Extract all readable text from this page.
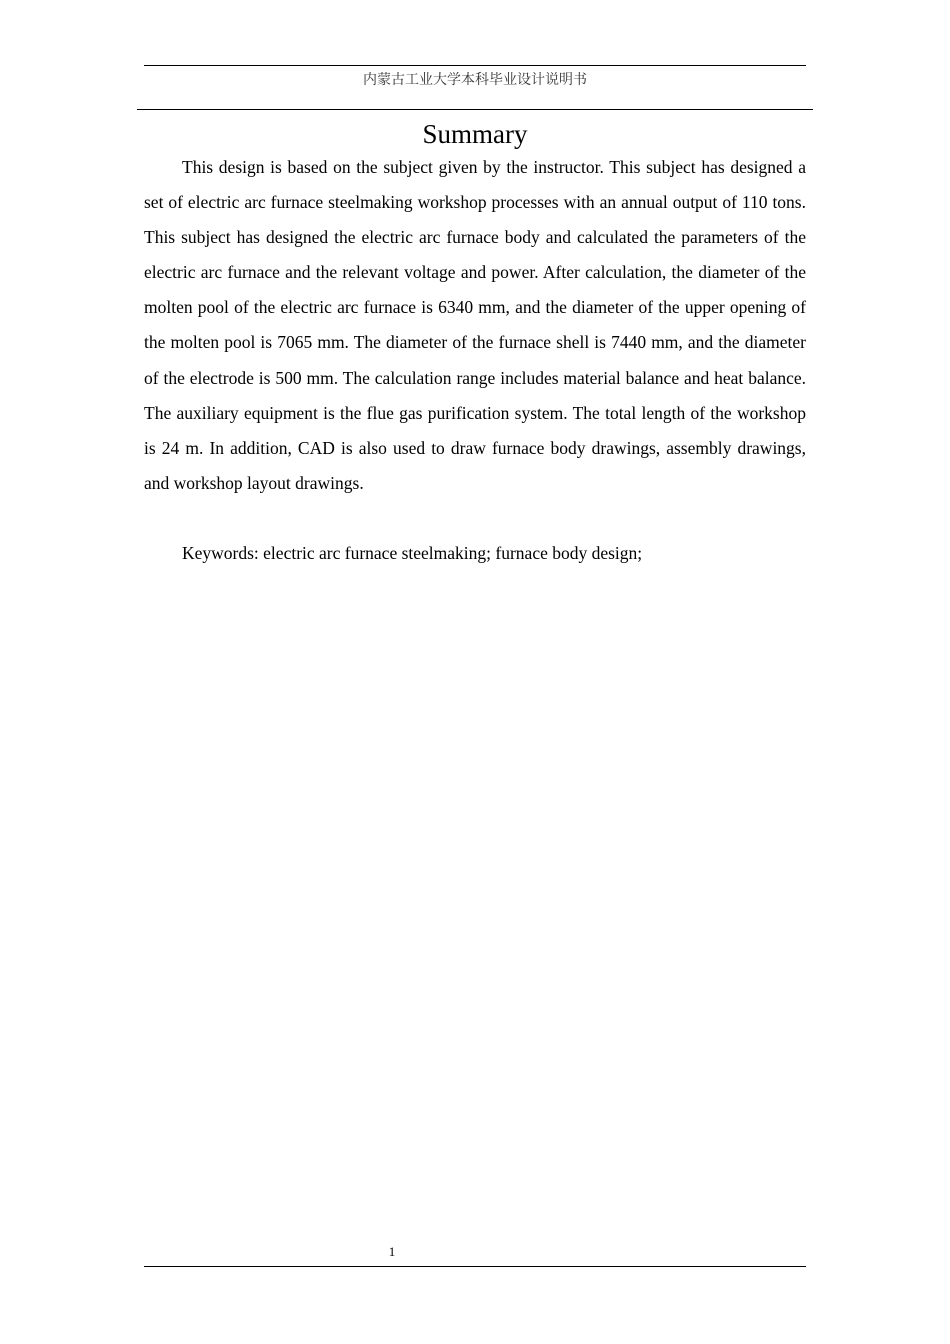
内蒙古工业大学本科毕业设计说明书
Summary

This design is based on the subject given by the instructor. This subject has designed a set of electric arc furnace steelmaking workshop processes with an annual output of 110 tons. This subject has designed the electric arc furnace body and calculated the parameters of the electric arc furnace and the relevant voltage and power. After calculation, the diameter of the molten pool of the electric arc furnace is 6340 mm, and the diameter of the upper opening of the molten pool is 7065 mm. The diameter of the furnace shell is 7440 mm, and the diameter of the electrode is 500 mm. The calculation range includes material balance and heat balance. The auxiliary equipment is the flue gas purification system. The total length of the workshop is 24 m. In addition, CAD is also used to draw furnace body drawings, assembly drawings, and workshop layout drawings.

Keywords: electric arc furnace steelmaking; furnace body design;

1
